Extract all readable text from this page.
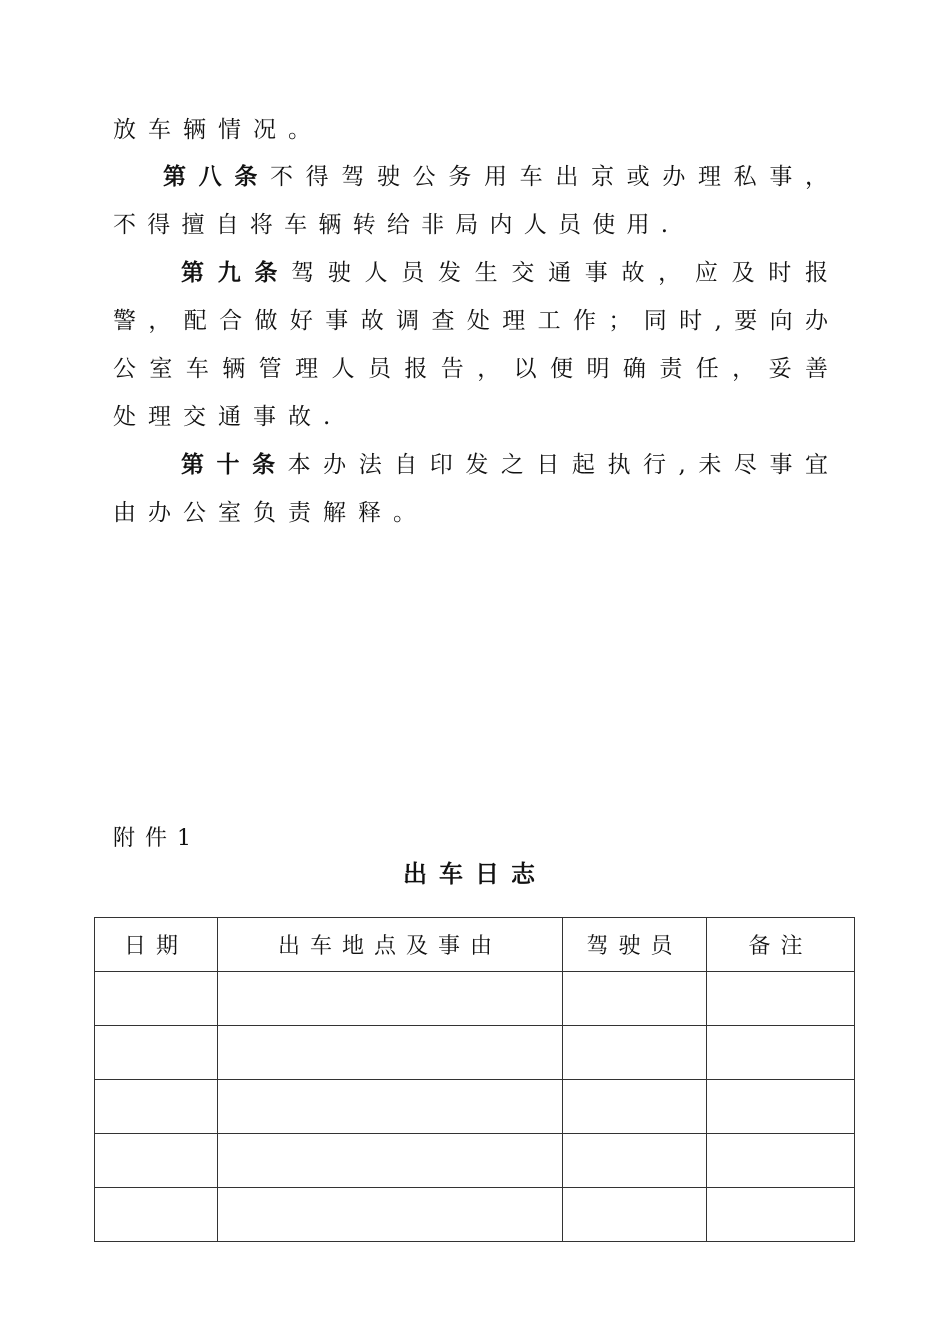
放车辆情况。
第八条不得驾驶公务用车出京或办理私事，
不得擅自将车辆转给非局内人员使用.
第九条驾驶人员发生交通事故，应及时报
警，配合做好事故调查处理工作；同时,要向办
公室车辆管理人员报告，以便明确责任，妥善
处理交通事故.
第十条本办法自印发之日起执行,未尽事宜
由办公室负责解释。
附件1
出车日志
日期	出车地点及事由	驾驶员	备注
